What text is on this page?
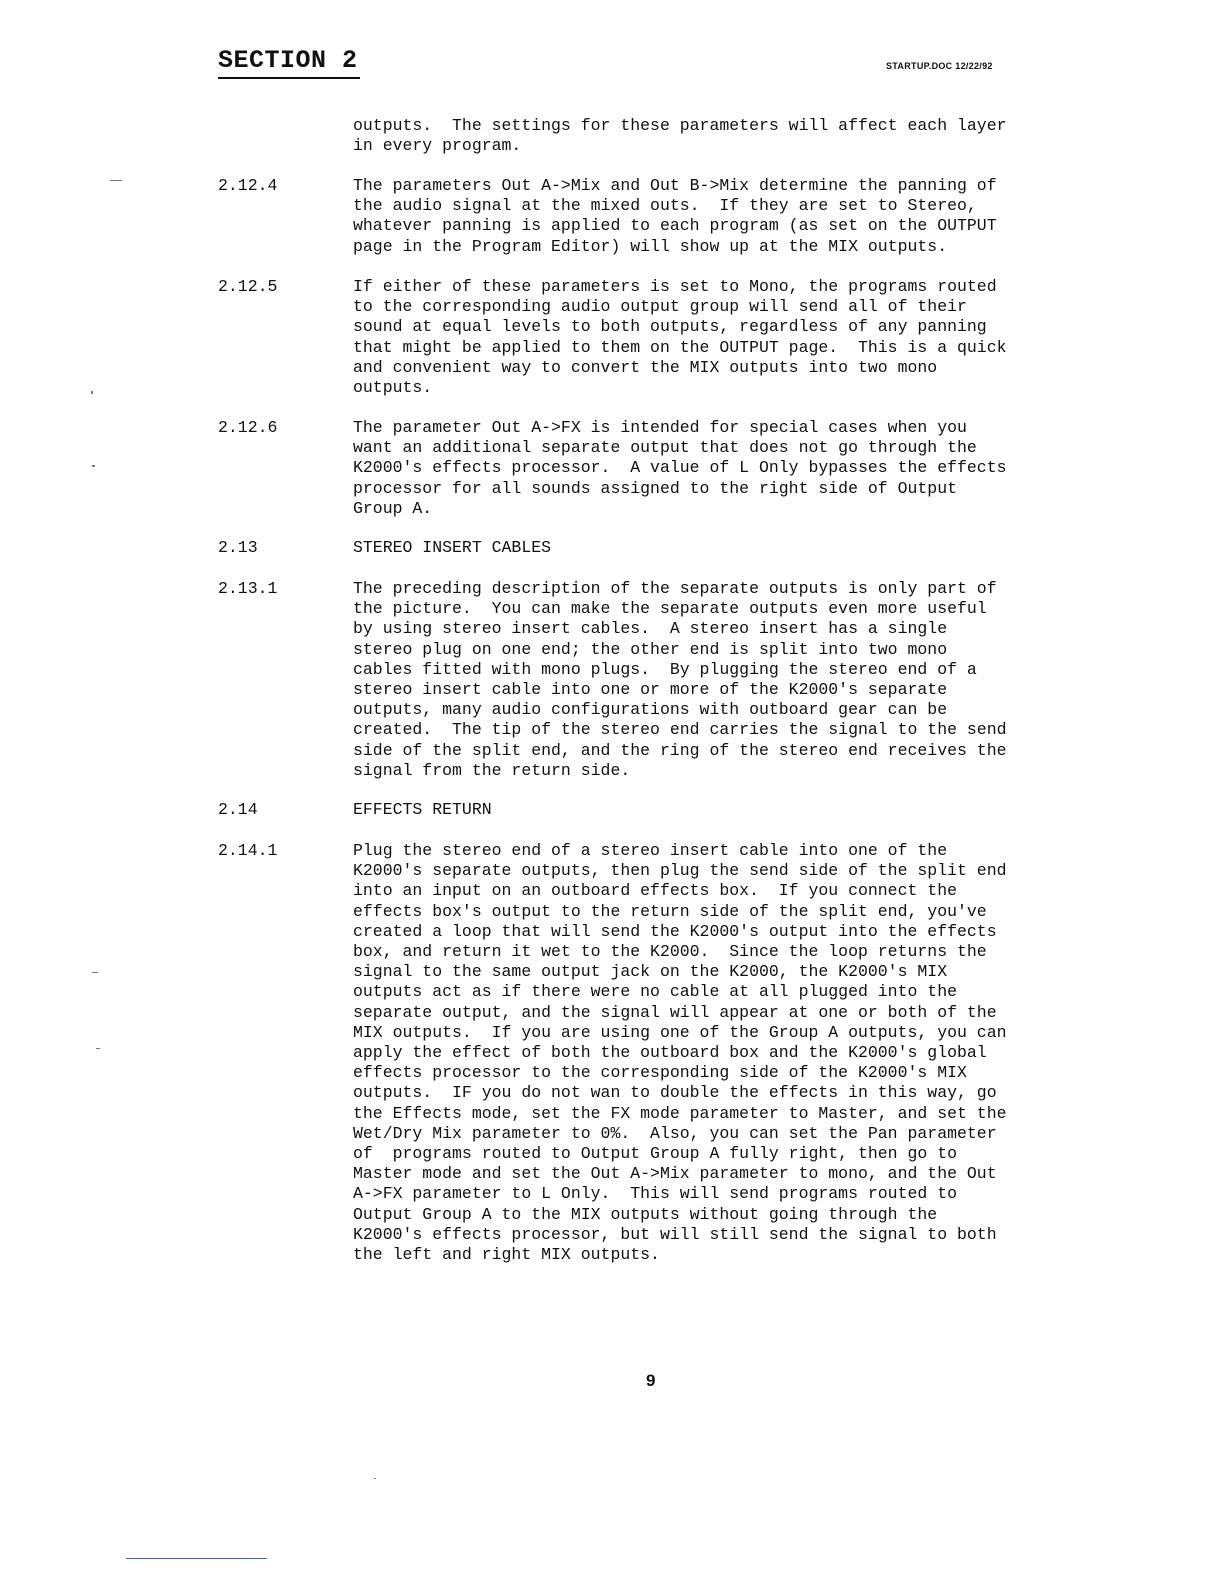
SECTION 2	STARTUP.DOC 12/22/92
outputs.  The settings for these parameters will affect each layer
in every program.
2.12.4	The parameters Out A->Mix and Out B->Mix determine the panning of
the audio signal at the mixed outs.  If they are set to Stereo,
whatever panning is applied to each program (as set on the OUTPUT
page in the Program Editor) will show up at the MIX outputs.
2.12.5	If either of these parameters is set to Mono, the programs routed
to the corresponding audio output group will send all of their
sound at equal levels to both outputs, regardless of any panning
that might be applied to them on the OUTPUT page.  This is a quick
and convenient way to convert the MIX outputs into two mono
outputs.
2.12.6	The parameter Out A->FX is intended for special cases when you
want an additional separate output that does not go through the
K2000's effects processor.  A value of L Only bypasses the effects
processor for all sounds assigned to the right side of Output
Group A.
2.13	STEREO INSERT CABLES
2.13.1	The preceding description of the separate outputs is only part of
the picture.  You can make the separate outputs even more useful
by using stereo insert cables.  A stereo insert has a single
stereo plug on one end; the other end is split into two mono
cables fitted with mono plugs.  By plugging the stereo end of a
stereo insert cable into one or more of the K2000's separate
outputs, many audio configurations with outboard gear can be
created.  The tip of the stereo end carries the signal to the send
side of the split end, and the ring of the stereo end receives the
signal from the return side.
2.14	EFFECTS RETURN
2.14.1	Plug the stereo end of a stereo insert cable into one of the
K2000's separate outputs, then plug the send side of the split end
into an input on an outboard effects box.  If you connect the
effects box's output to the return side of the split end, you've
created a loop that will send the K2000's output into the effects
box, and return it wet to the K2000.  Since the loop returns the
signal to the same output jack on the K2000, the K2000's MIX
outputs act as if there were no cable at all plugged into the
separate output, and the signal will appear at one or both of the
MIX outputs.  If you are using one of the Group A outputs, you can
apply the effect of both the outboard box and the K2000's global
effects processor to the corresponding side of the K2000's MIX
outputs.  IF you do not wan to double the effects in this way, go
the Effects mode, set the FX mode parameter to Master, and set the
Wet/Dry Mix parameter to 0%.  Also, you can set the Pan parameter
of  programs routed to Output Group A fully right, then go to
Master mode and set the Out A->Mix parameter to mono, and the Out
A->FX parameter to L Only.  This will send programs routed to
Output Group A to the MIX outputs without going through the
K2000's effects processor, but will still send the signal to both
the left and right MIX outputs.
9
